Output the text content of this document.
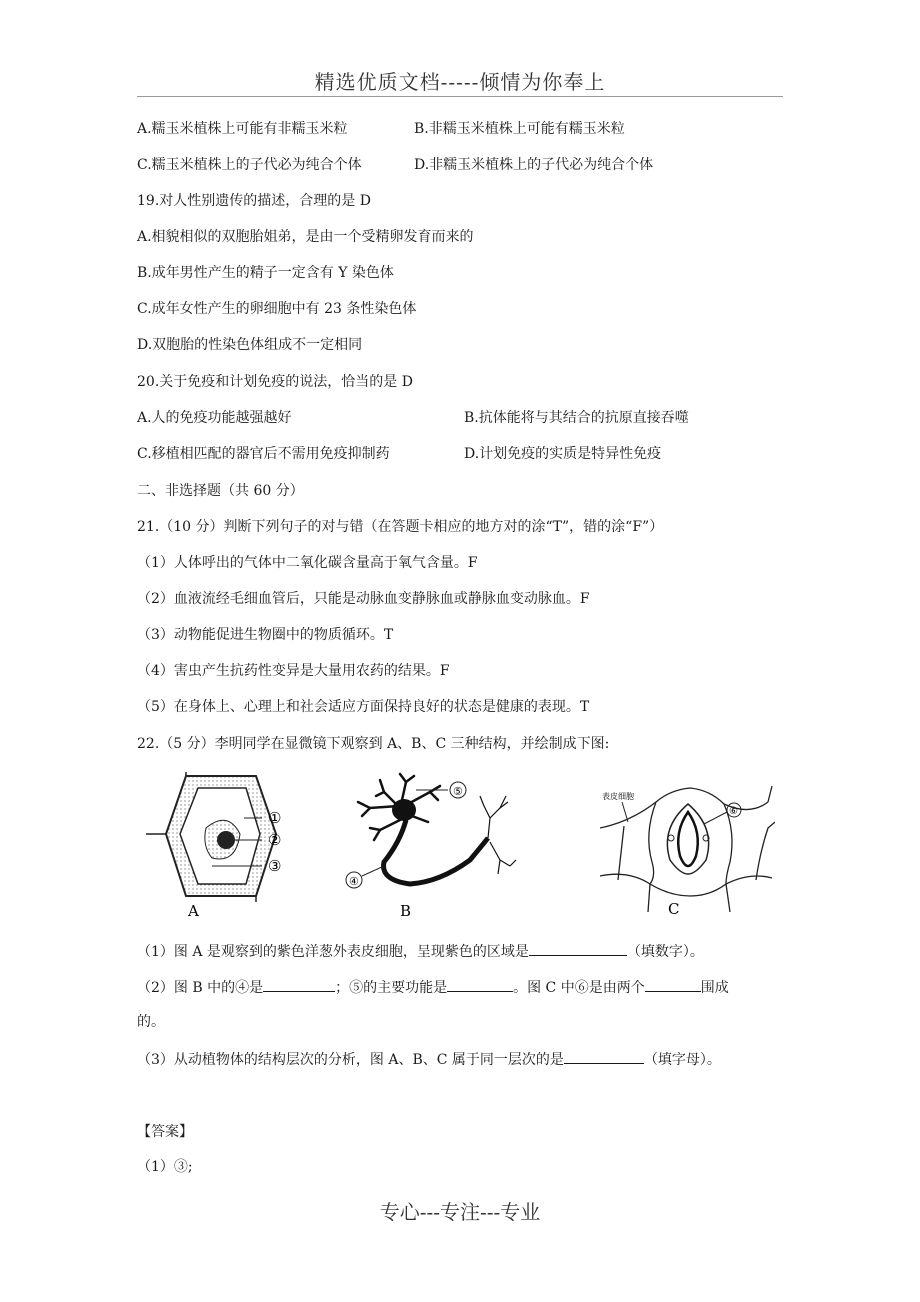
精选优质文档-----倾情为你奉上
A.糯玉米植株上可能有非糯玉米粒	B.非糯玉米植株上可能有糯玉米粒
C.糯玉米植株上的子代必为纯合个体	D.非糯玉米植株上的子代必为纯合个体
19.对人性别遗传的描述，合理的是 D
A.相貌相似的双胞胎姐弟，是由一个受精卵发育而来的
B.成年男性产生的精子一定含有 Y 染色体
C.成年女性产生的卵细胞中有 23 条性染色体
D.双胞胎的性染色体组成不一定相同
20.关于免疫和计划免疫的说法，恰当的是 D
A.人的免疫功能越强越好	B.抗体能将与其结合的抗原直接吞噬
C.移植相匹配的器官后不需用免疫抑制药	D.计划免疫的实质是特异性免疫
二、非选择题（共 60 分）
21.（10 分）判断下列句子的对与错（在答题卡相应的地方对的涂“T”，错的涂“F”）
（1）人体呼出的气体中二氧化碳含量高于氧气含量。F
（2）血液流经毛细血管后，只能是动脉血变静脉血或静脉血变动脉血。F
（3）动物能促进生物圈中的物质循环。T
（4）害虫产生抗药性变异是大量用农药的结果。F
（5）在身体上、心理上和社会适应方面保持良好的状态是健康的表现。T
22.（5 分）李明同学在显微镜下观察到 A、B、C 三种结构，并绘制成下图:
①
②
③
A
⑤
④
B
表皮细胞
⑥
C
（1）图 A 是观察到的紫色洋葱外表皮细胞，呈现紫色的区域是	（填数字）。
（2）图 B 中的④是	；⑤的主要功能是	。图 C 中⑥是由两个	围成
的。
（3）从动植物体的结构层次的分析，图 A、B、C 属于同一层次的是	（填字母）。
【答案】
（1）③;
专心---专注---专业
